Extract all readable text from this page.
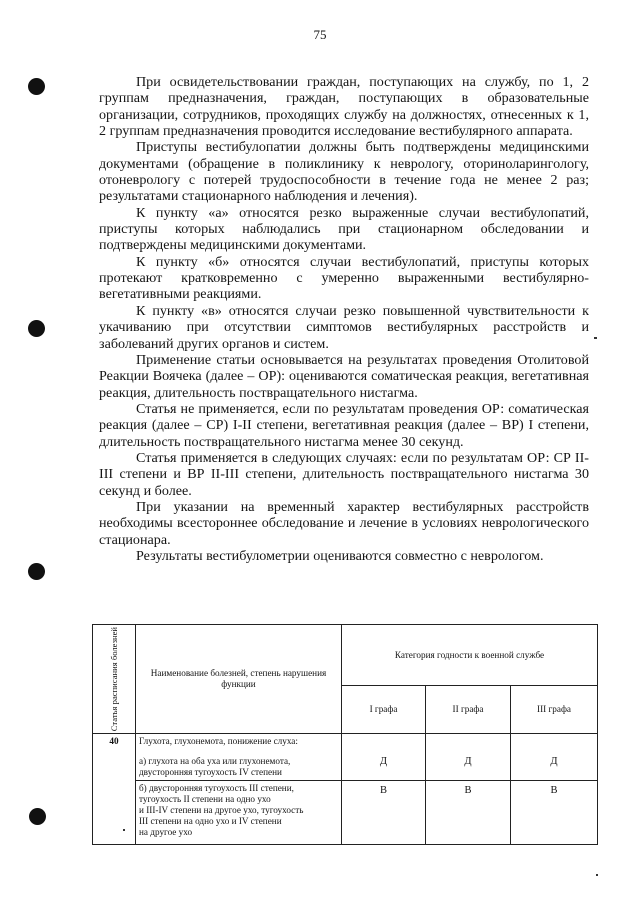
75

При освидетельствовании граждан, поступающих на службу, по 1, 2 группам предназначения, граждан, поступающих в образовательные организации, сотрудников, проходящих службу на должностях, отнесенных к 1, 2 группам предназначения проводится исследование вестибулярного аппарата.

Приступы вестибулопатии должны быть подтверждены медицинскими документами (обращение в поликлинику к неврологу, оториноларингологу, отоневрологу с потерей трудоспособности в течение года не менее 2 раз; результатами стационарного наблюдения и лечения).

К пункту «а» относятся резко выраженные случаи вестибулопатий, приступы которых наблюдались при стационарном обследовании и подтверждены медицинскими документами.

К пункту «б» относятся случаи вестибулопатий, приступы которых протекают кратковременно с умеренно выраженными вестибулярно-вегетативными реакциями.

К пункту «в» относятся случаи резко повышенной чувствительности к укачиванию при отсутствии симптомов вестибулярных расстройств и заболеваний других органов и систем.

Применение статьи основывается на результатах проведения Отолитовой Реакции Воячека (далее – ОР): оцениваются соматическая реакция, вегетативная реакция, длительность поствращательного нистагма.

Статья не применяется, если по результатам проведения ОР: соматическая реакция (далее – СР) I-II степени, вегетативная реакция (далее – ВР) I степени, длительность поствращательного нистагма менее 30 секунд.

Статья применяется в следующих случаях: если по результатам ОР: СР II-III степени и ВР II-III степени, длительность поствращательного нистагма 30 секунд и более.

При указании на временный характер вестибулярных расстройств необходимы всестороннее обследование и лечение в условиях неврологического стационара.

Результаты вестибулометрии оцениваются совместно с неврологом.

Статья расписания болезней	Наименование болезней, степень нарушения функции	Категория годности к военной службе		
		I графа	II графа	III графа
40	Глухота, глухонемота, понижение слуха:
а) глухота на оба уха или глухонемота,
двусторонняя тугоухость IV степени	Д	Д	Д

	б) двусторонняя тугоухость III степени,
тугоухость II степени на одно ухо
и III-IV степени на другое ухо, тугоухость
III степени на одно ухо и IV степени
на другое ухо	В	В	В
